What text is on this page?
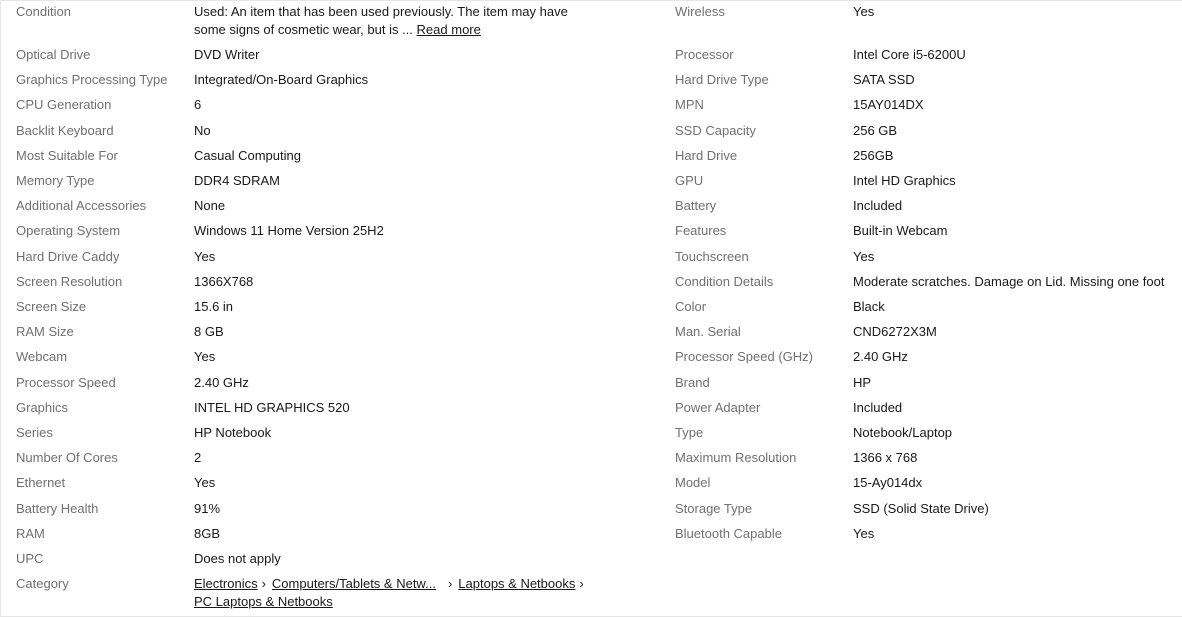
Condition	Used: An item that has been used previously. The item may have some signs of cosmetic wear, but is ... Read more
Optical Drive	DVD Writer
Graphics Processing Type	Integrated/On-Board Graphics
CPU Generation	6
Backlit Keyboard	No
Most Suitable For	Casual Computing
Memory Type	DDR4 SDRAM
Additional Accessories	None
Operating System	Windows 11 Home Version 25H2
Hard Drive Caddy	Yes
Screen Resolution	1366X768
Screen Size	15.6 in
RAM Size	8 GB
Webcam	Yes
Processor Speed	2.40 GHz
Graphics	INTEL HD GRAPHICS 520
Series	HP Notebook
Number Of Cores	2
Ethernet	Yes
Battery Health	91%
RAM	8GB
UPC	Does not apply
Category	Electronics › Computers/Tablets & Netw... › Laptops & Netbooks ›
PC Laptops & Netbooks
Wireless	Yes
Processor	Intel Core i5-6200U
Hard Drive Type	SATA SSD
MPN	15AY014DX
SSD Capacity	256 GB
Hard Drive	256GB
GPU	Intel HD Graphics
Battery	Included
Features	Built-in Webcam
Touchscreen	Yes
Condition Details	Moderate scratches. Damage on Lid. Missing one foot
Color	Black
Man. Serial	CND6272X3M
Processor Speed (GHz)	2.40 GHz
Brand	HP
Power Adapter	Included
Type	Notebook/Laptop
Maximum Resolution	1366 x 768
Model	15-Ay014dx
Storage Type	SSD (Solid State Drive)
Bluetooth Capable	Yes
